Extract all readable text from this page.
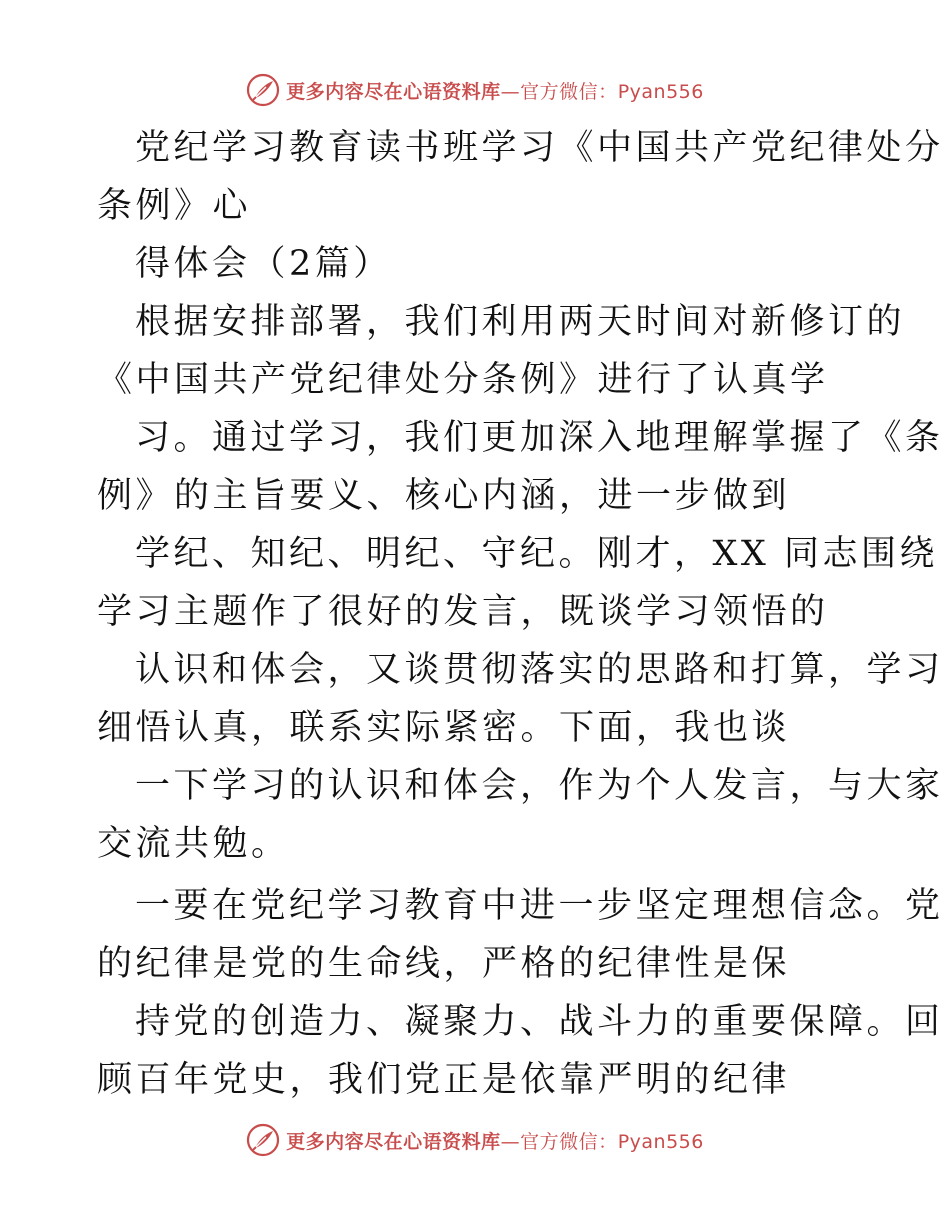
更多内容尽在心语资料库—官方微信：Pyan556
党纪学习教育读书班学习《中国共产党纪律处分
条例》心
得体会（2篇）
根据安排部署，我们利用两天时间对新修订的
《中国共产党纪律处分条例》进行了认真学
习。通过学习，我们更加深入地理解掌握了《条
例》的主旨要义、核心内涵，进一步做到
学纪、知纪、明纪、守纪。刚才，XX 同志围绕
学习主题作了很好的发言，既谈学习领悟的
认识和体会，又谈贯彻落实的思路和打算，学习
细悟认真，联系实际紧密。下面，我也谈
一下学习的认识和体会，作为个人发言，与大家
交流共勉。
一要在党纪学习教育中进一步坚定理想信念。党
的纪律是党的生命线，严格的纪律性是保
持党的创造力、凝聚力、战斗力的重要保障。回
顾百年党史，我们党正是依靠严明的纪律
更多内容尽在心语资料库—官方微信：Pyan556
